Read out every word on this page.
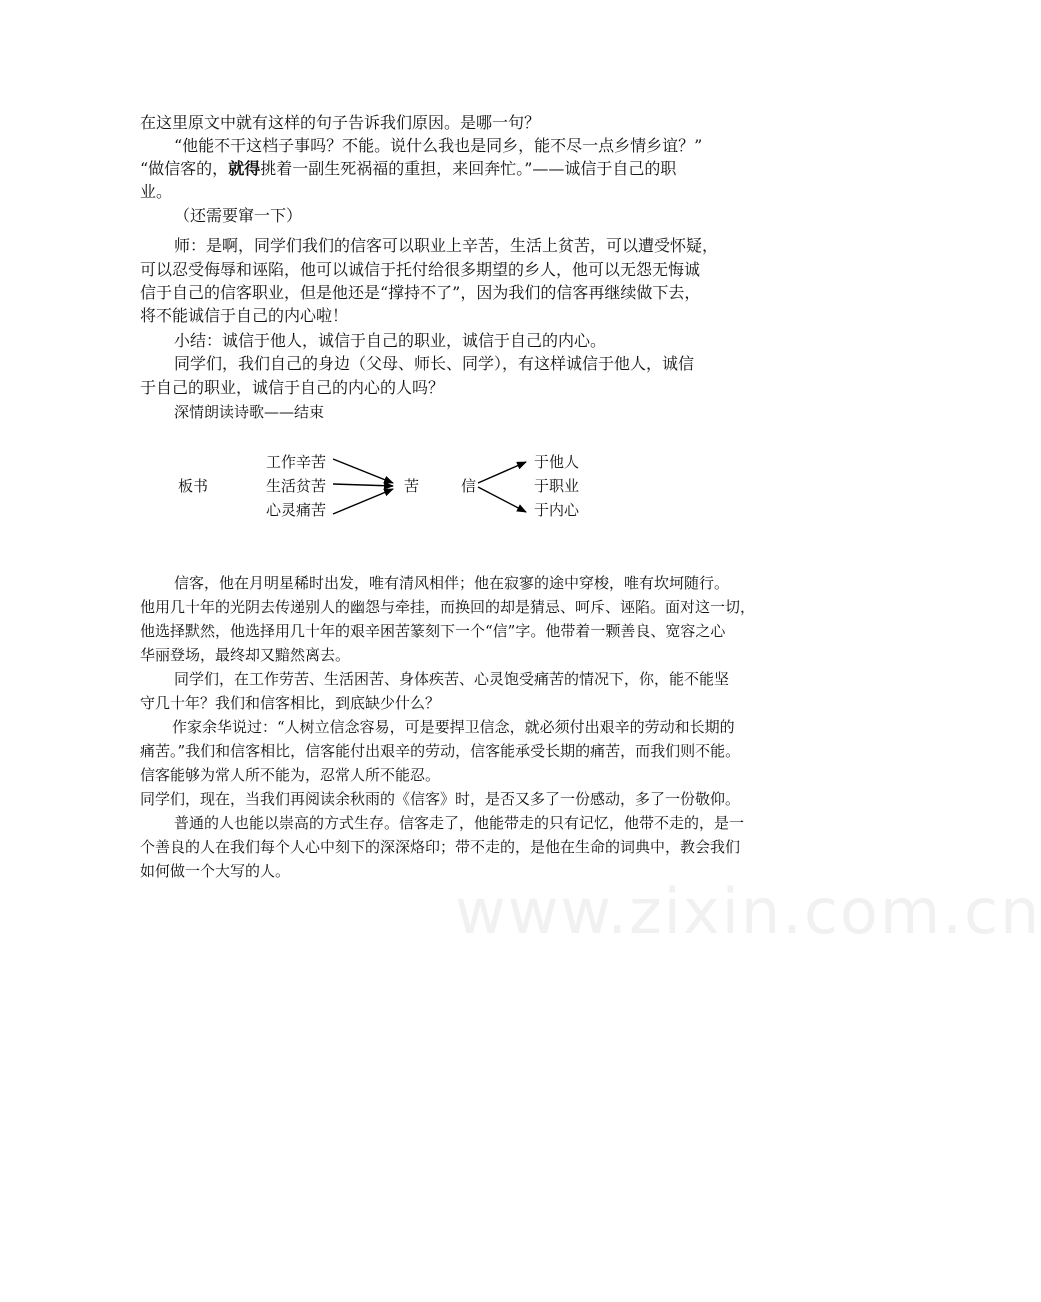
在这里原文中就有这样的句子告诉我们原因。是哪一句？

“他能不干这档子事吗？不能。说什么我也是同乡，能不尽一点乡情乡谊？”

“做信客的，就得挑着一副生死祸福的重担，来回奔忙。”——诚信于自己的职

业。

（还需要窜一下）

师：是啊，同学们我们的信客可以职业上辛苦，生活上贫苦，可以遭受怀疑，

可以忍受侮辱和诬陷，他可以诚信于托付给很多期望的乡人，他可以无怨无悔诚

信于自己的信客职业，但是他还是“撑持不了”，因为我们的信客再继续做下去，

将不能诚信于自己的内心啦！

小结：诚信于他人，诚信于自己的职业，诚信于自己的内心。

同学们，我们自己的身边（父母、师长、同学），有这样诚信于他人，诚信

于自己的职业，诚信于自己的内心的人吗？

深情朗读诗歌——结束

板书
工作辛苦
生活贫苦
心灵痛苦
苦	信
于他人
于职业
于内心

信客，他在月明星稀时出发，唯有清风相伴；他在寂寥的途中穿梭，唯有坎坷随行。

他用几十年的光阴去传递别人的幽怨与牵挂，而换回的却是猜忌、呵斥、诬陷。面对这一切，

他选择默然，他选择用几十年的艰辛困苦篆刻下一个“信”字。他带着一颗善良、宽容之心

华丽登场，最终却又黯然离去。

同学们，在工作劳苦、生活困苦、身体疾苦、心灵饱受痛苦的情况下，你，能不能坚

守几十年？我们和信客相比，到底缺少什么？

作家余华说过：“人树立信念容易，可是要捍卫信念，就必须付出艰辛的劳动和长期的

痛苦。”我们和信客相比，信客能付出艰辛的劳动，信客能承受长期的痛苦，而我们则不能。

信客能够为常人所不能为，忍常人所不能忍。

同学们，现在，当我们再阅读余秋雨的《信客》时，是否又多了一份感动，多了一份敬仰。

普通的人也能以崇高的方式生存。信客走了，他能带走的只有记忆，他带不走的，是一

个善良的人在我们每个人心中刻下的深深烙印；带不走的，是他在生命的词典中，教会我们

如何做一个大写的人。

www.zixin.com.cn
